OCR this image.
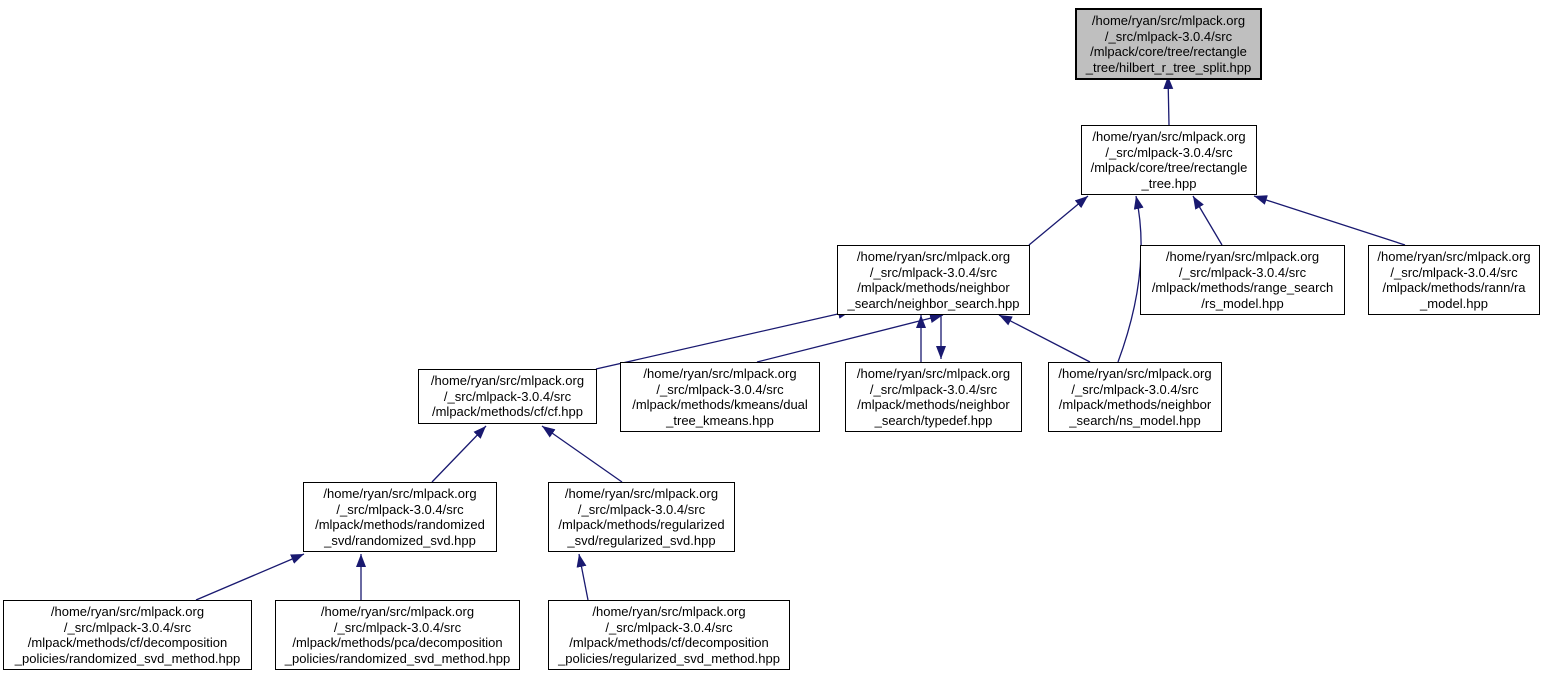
/home/ryan/src/mlpack.org
/_src/mlpack-3.0.4/src
/mlpack/core/tree/rectangle
_tree/hilbert_r_tree_split.hpp
/home/ryan/src/mlpack.org
/_src/mlpack-3.0.4/src
/mlpack/core/tree/rectangle
_tree.hpp
/home/ryan/src/mlpack.org
/_src/mlpack-3.0.4/src
/mlpack/methods/neighbor
_search/neighbor_search.hpp
/home/ryan/src/mlpack.org
/_src/mlpack-3.0.4/src
/mlpack/methods/range_search
/rs_model.hpp
/home/ryan/src/mlpack.org
/_src/mlpack-3.0.4/src
/mlpack/methods/rann/ra
_model.hpp
/home/ryan/src/mlpack.org
/_src/mlpack-3.0.4/src
/mlpack/methods/cf/cf.hpp
/home/ryan/src/mlpack.org
/_src/mlpack-3.0.4/src
/mlpack/methods/kmeans/dual
_tree_kmeans.hpp
/home/ryan/src/mlpack.org
/_src/mlpack-3.0.4/src
/mlpack/methods/neighbor
_search/typedef.hpp
/home/ryan/src/mlpack.org
/_src/mlpack-3.0.4/src
/mlpack/methods/neighbor
_search/ns_model.hpp
/home/ryan/src/mlpack.org
/_src/mlpack-3.0.4/src
/mlpack/methods/randomized
_svd/randomized_svd.hpp
/home/ryan/src/mlpack.org
/_src/mlpack-3.0.4/src
/mlpack/methods/regularized
_svd/regularized_svd.hpp
/home/ryan/src/mlpack.org
/_src/mlpack-3.0.4/src
/mlpack/methods/cf/decomposition
_policies/randomized_svd_method.hpp
/home/ryan/src/mlpack.org
/_src/mlpack-3.0.4/src
/mlpack/methods/pca/decomposition
_policies/randomized_svd_method.hpp
/home/ryan/src/mlpack.org
/_src/mlpack-3.0.4/src
/mlpack/methods/cf/decomposition
_policies/regularized_svd_method.hpp
